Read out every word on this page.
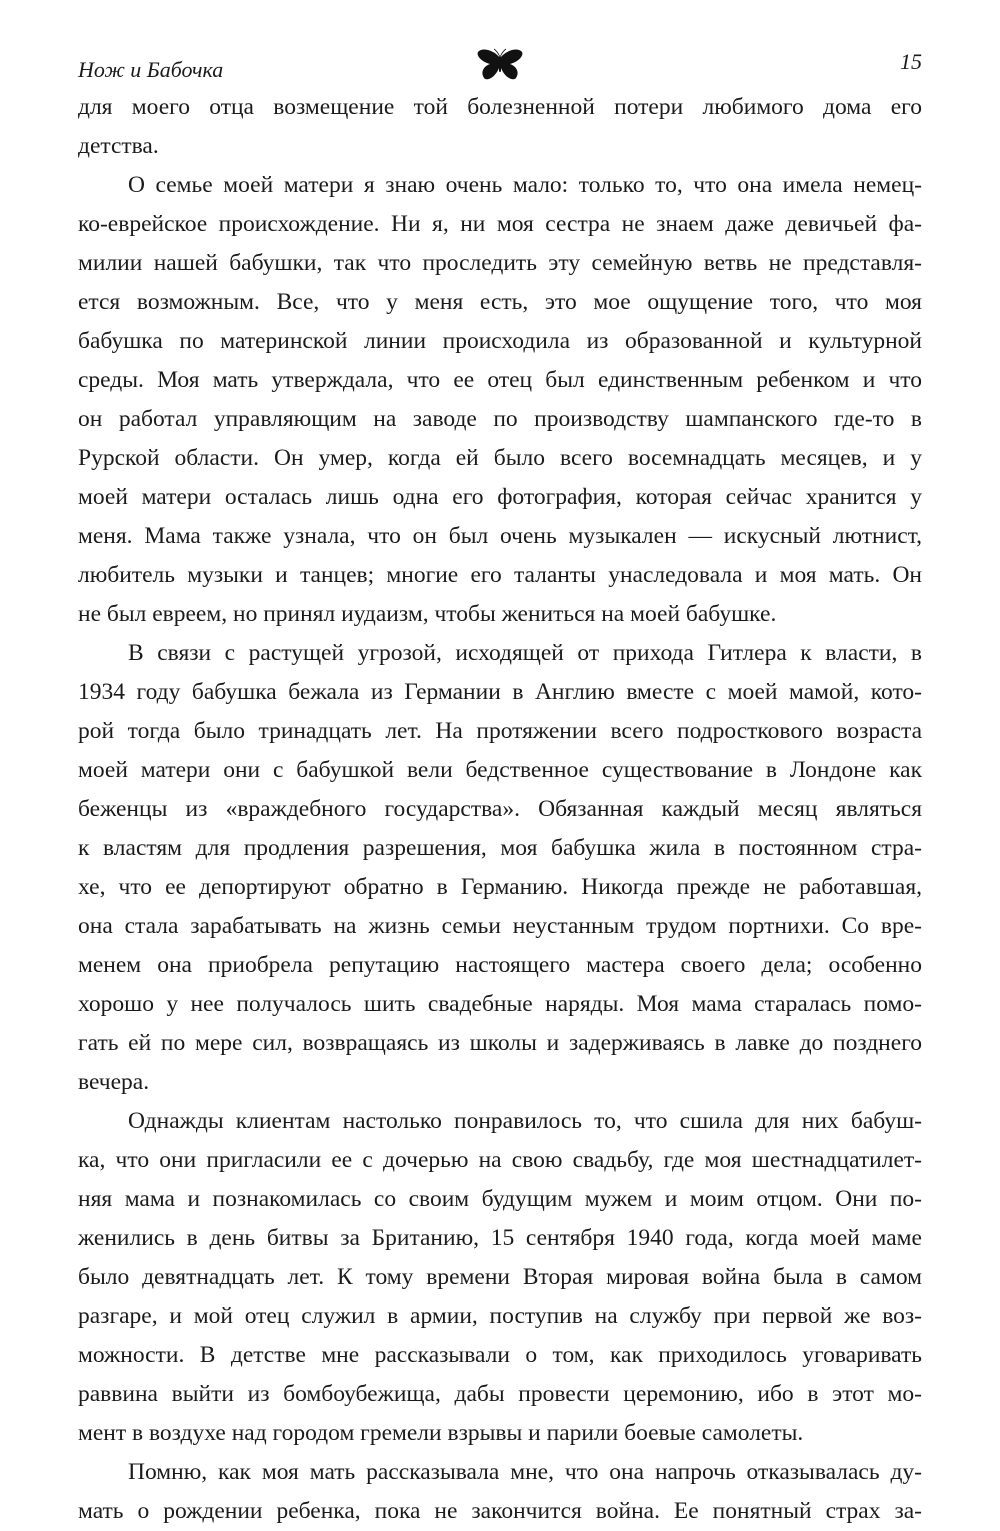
Нож и Бабочка	15
для моего отца возмещение той болезненной потери любимого дома его
детства.
О семье моей матери я знаю очень мало: только то, что она имела немец-
ко-еврейское происхождение. Ни я, ни моя сестра не знаем даже девичьей фа-
милии нашей бабушки, так что проследить эту семейную ветвь не представля-
ется возможным. Все, что у меня есть, это мое ощущение того, что моя
бабушка по материнской линии происходила из образованной и культурной
среды. Моя мать утверждала, что ее отец был единственным ребенком и что
он работал управляющим на заводе по производству шампанского где-то в
Рурской области. Он умер, когда ей было всего восемнадцать месяцев, и у
моей матери осталась лишь одна его фотография, которая сейчас хранится у
меня. Мама также узнала, что он был очень музыкален — искусный лютнист,
любитель музыки и танцев; многие его таланты унаследовала и моя мать. Он
не был евреем, но принял иудаизм, чтобы жениться на моей бабушке.
В связи с растущей угрозой, исходящей от прихода Гитлера к власти, в
1934 году бабушка бежала из Германии в Англию вместе с моей мамой, кото-
рой тогда было тринадцать лет. На протяжении всего подросткового возраста
моей матери они с бабушкой вели бедственное существование в Лондоне как
беженцы из «враждебного государства». Обязанная каждый месяц являться
к властям для продления разрешения, моя бабушка жила в постоянном стра-
хе, что ее депортируют обратно в Германию. Никогда прежде не работавшая,
она стала зарабатывать на жизнь семьи неустанным трудом портнихи. Со вре-
менем она приобрела репутацию настоящего мастера своего дела; особенно
хорошо у нее получалось шить свадебные наряды. Моя мама старалась помо-
гать ей по мере сил, возвращаясь из школы и задерживаясь в лавке до позднего
вечера.
Однажды клиентам настолько понравилось то, что сшила для них бабуш-
ка, что они пригласили ее с дочерью на свою свадьбу, где моя шестнадцатилет-
няя мама и познакомилась со своим будущим мужем и моим отцом. Они по-
женились в день битвы за Британию, 15 сентября 1940 года, когда моей маме
было девятнадцать лет. К тому времени Вторая мировая война была в самом
разгаре, и мой отец служил в армии, поступив на службу при первой же воз-
можности. В детстве мне рассказывали о том, как приходилось уговаривать
раввина выйти из бомбоубежища, дабы провести церемонию, ибо в этот мо-
мент в воздухе над городом гремели взрывы и парили боевые самолеты.
Помню, как моя мать рассказывала мне, что она напрочь отказывалась ду-
мать о рождении ребенка, пока не закончится война. Ее понятный страх за-
